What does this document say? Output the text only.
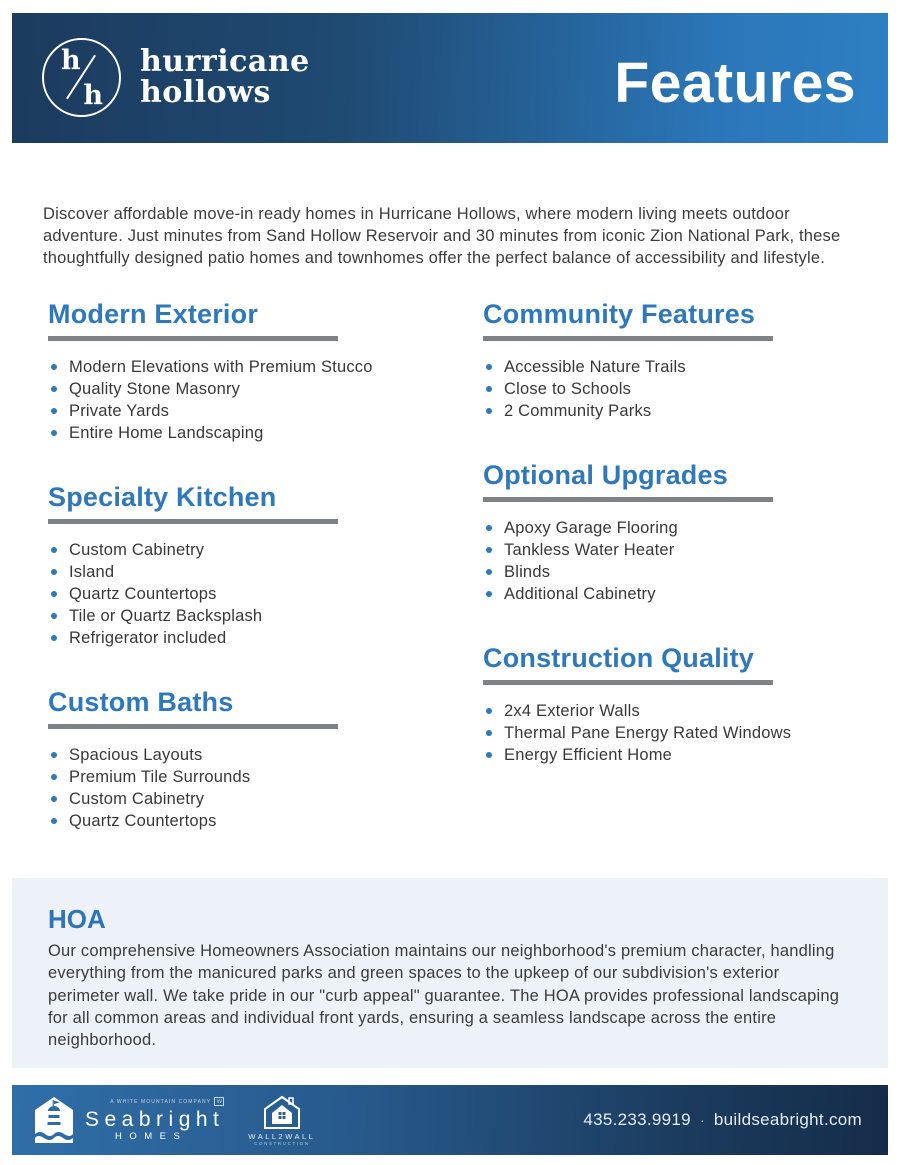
h
h
hurricane
hollows	Features

Discover affordable move-in ready homes in Hurricane Hollows, where modern living meets outdoor adventure. Just minutes from Sand Hollow Reservoir and 30 minutes from iconic Zion National Park, these thoughtfully designed patio homes and townhomes offer the perfect balance of accessibility and lifestyle.

Modern Exterior
Modern Elevations with Premium Stucco
Quality Stone Masonry
Private Yards
Entire Home Landscaping
Specialty Kitchen
Custom Cabinetry
Island
Quartz Countertops
Tile or Quartz Backsplash
Refrigerator included
Custom Baths
Spacious Layouts
Premium Tile Surrounds
Custom Cabinetry
Quartz Countertops
Community Features
Accessible Nature Trails
Close to Schools
2 Community Parks
Optional Upgrades
Apoxy Garage Flooring
Tankless Water Heater
Blinds
Additional Cabinetry
Construction Quality
2x4 Exterior Walls
Thermal Pane Energy Rated Windows
Energy Efficient Home
HOA

Our comprehensive Homeowners Association maintains our neighborhood's premium character, handling everything from the manicured parks and green spaces to the upkeep of our subdivision's exterior perimeter wall. We take pride in our "curb appeal" guarantee. The HOA provides professional landscaping for all common areas and individual front yards, ensuring a seamless landscape across the entire neighborhood.

A WHITE MOUNTAIN COMPANY	W
Seabright
HOMES	WALL2WALL
CONSTRUCTION
435.233.9919 · buildseabright.com
